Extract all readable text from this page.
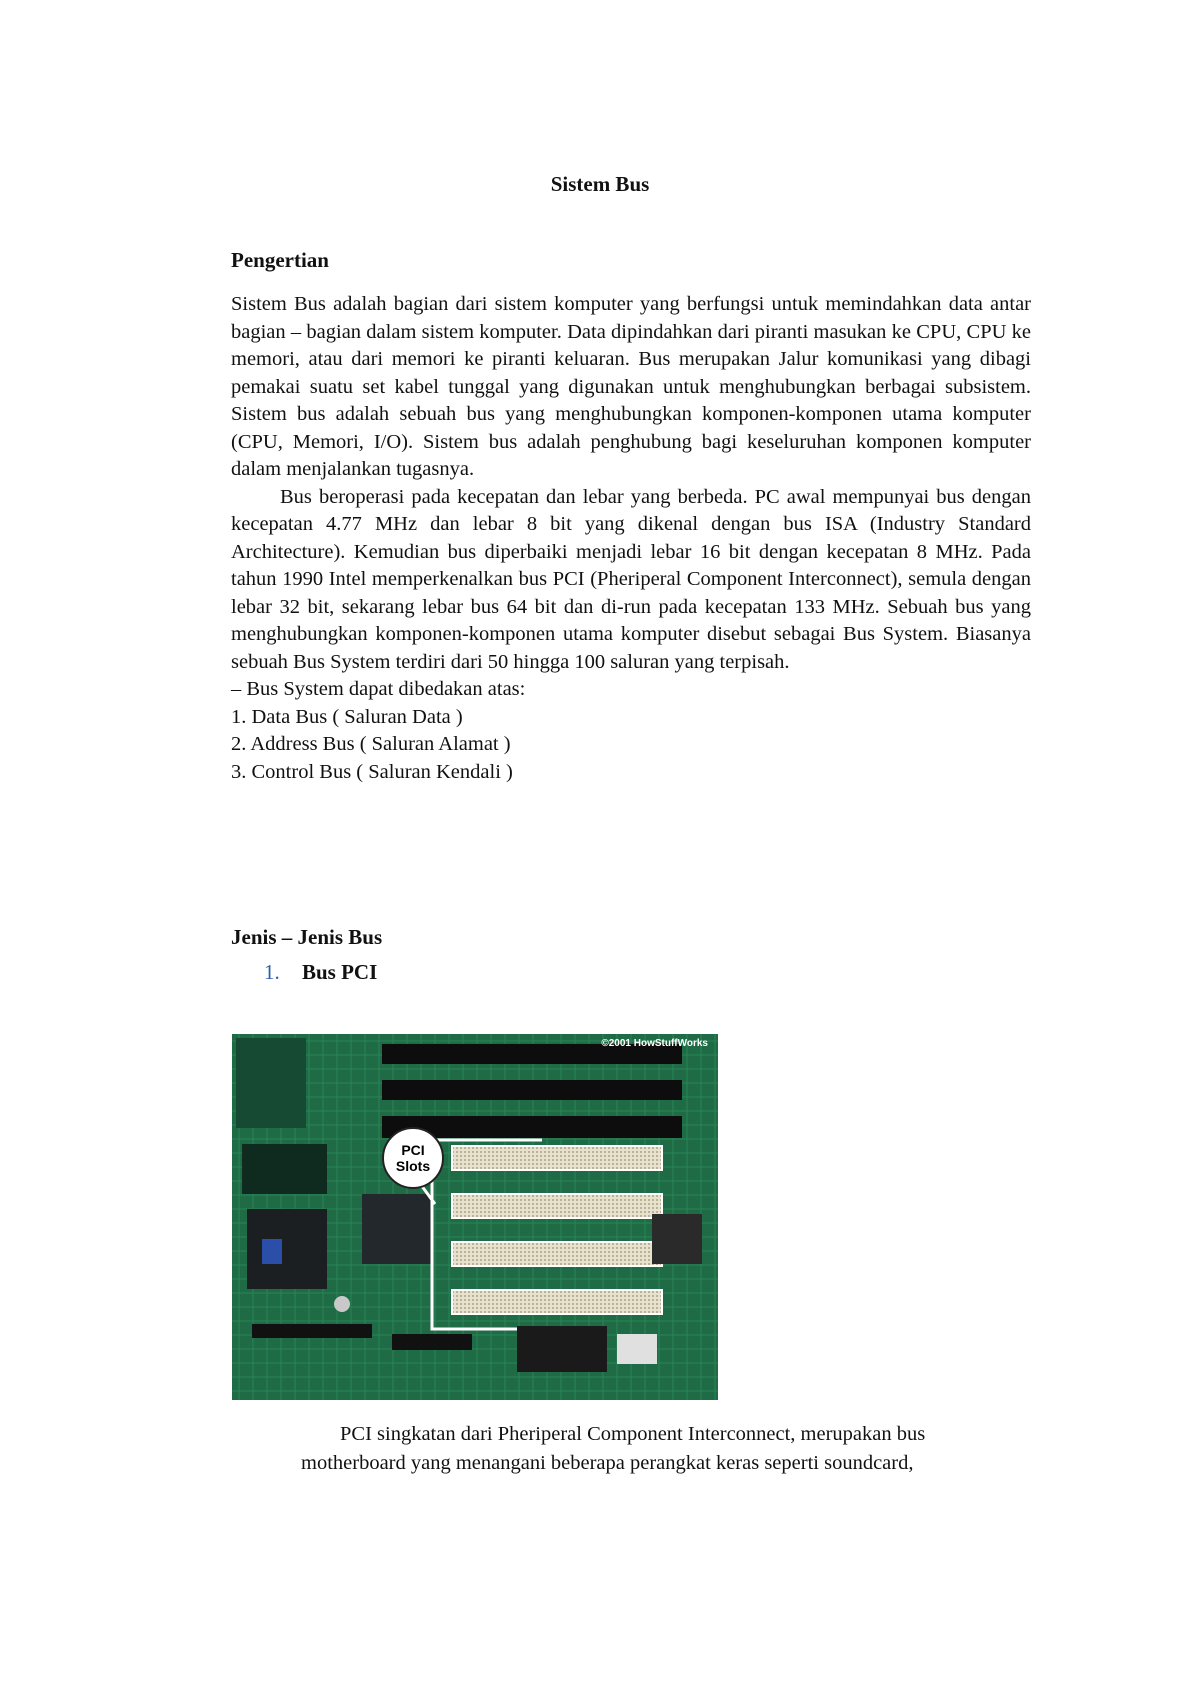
Sistem Bus
Pengertian

Sistem Bus adalah bagian dari sistem komputer yang berfungsi untuk memindahkan data antar bagian – bagian dalam sistem komputer. Data dipindahkan dari piranti masukan ke CPU, CPU ke memori, atau dari memori ke piranti keluaran. Bus merupakan Jalur komunikasi yang dibagi pemakai suatu set kabel tunggal yang digunakan untuk menghubungkan berbagai subsistem. Sistem bus adalah sebuah bus yang menghubungkan komponen-komponen utama komputer (CPU, Memori, I/O). Sistem bus adalah penghubung bagi keseluruhan komponen komputer dalam menjalankan tugasnya.

Bus beroperasi pada kecepatan dan lebar yang berbeda. PC awal mempunyai bus dengan kecepatan 4.77 MHz dan lebar 8 bit yang dikenal dengan bus ISA (Industry Standard Architecture). Kemudian bus diperbaiki menjadi lebar 16 bit dengan kecepatan 8 MHz. Pada tahun 1990 Intel memperkenalkan bus PCI (Pheriperal Component Interconnect), semula dengan lebar 32 bit, sekarang lebar bus 64 bit dan di-run pada kecepatan 133 MHz. Sebuah bus yang menghubungkan komponen-komponen utama komputer disebut sebagai Bus System. Biasanya sebuah Bus System terdiri dari 50 hingga 100 saluran yang terpisah.

– Bus System dapat dibedakan atas:
1. Data Bus ( Saluran Data )
2. Address Bus ( Saluran Alamat )
3. Control Bus ( Saluran Kendali )
Jenis – Jenis Bus
1. Bus PCI
PCI
Slots
©2001 HowStuffWorks

PCI singkatan dari Pheriperal Component Interconnect, merupakan bus

motherboard yang menangani beberapa perangkat keras seperti soundcard,
